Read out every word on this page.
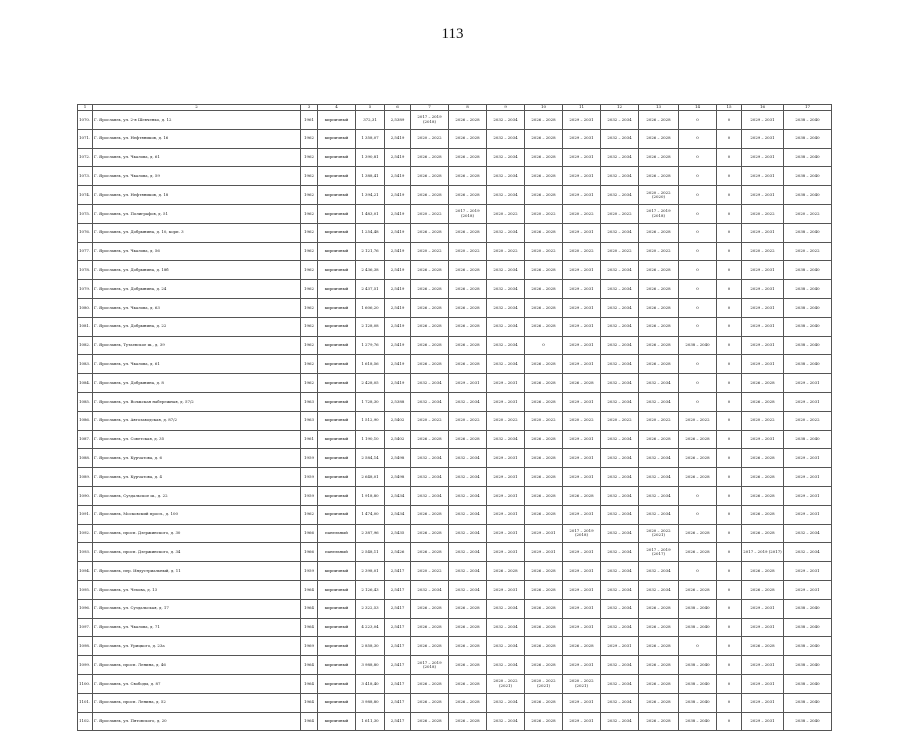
113
1	2	3	4	5	6	7	8	9	10	11	12	13	14	15	16	17
1070.	Г. Ярославль, ул. 2-я Шевченко, д. 12	1961	кирпичный	372,31	2,5389	2017 – 2019 (2018)	2026 – 2028	2032 – 2034	2026 – 2028	2029 – 2031	2032 – 2034	2026 – 2028	0	0	2029 – 2031	2038 – 2040
1071.	Г. Ярославль, ул. Нефтяников, д. 16	1962	кирпичный	1 358,07	2,5419	2020 – 2022	2026 – 2028	2032 – 2034	2026 – 2028	2029 – 2031	2032 – 2034	2026 – 2028	0	0	2029 – 2031	2038 – 2040
1072.	Г. Ярославль, ул. Чкалова, д. 61	1962	кирпичный	1 390,81	2,5419	2026 – 2028	2026 – 2028	2032 – 2034	2026 – 2028	2029 – 2031	2032 – 2034	2026 – 2028	0	0	2029 – 2031	2038 – 2040
1073.	Г. Ярославль, ул. Чкалова, д. 59	1962	кирпичный	1 388,41	2,5419	2026 – 2028	2026 – 2028	2032 – 2034	2026 – 2028	2029 – 2031	2032 – 2034	2026 – 2028	0	0	2029 – 2031	2038 – 2040
1074.	Г. Ярославль, ул. Нефтяников, д. 18	1962	кирпичный	1 394,21	2,5419	2026 – 2028	2026 – 2028	2032 – 2034	2026 – 2028	2029 – 2031	2032 – 2034	2020 – 2022 (2020)	0	0	2029 – 2031	2038 – 2040
1075.	Г. Ярославль, ул. Полиграфов, д. 51	1962	кирпичный	1 483,01	2,5419	2020 – 2022	2017 – 2019 (2018)	2020 – 2022	2020 – 2022	2020 – 2022	2020 – 2022	2017 – 2019 (2018)	0	0	2020 – 2022	2020 – 2022
1076.	Г. Ярославль, ул. Добрынина, д. 10, корп. 3	1962	кирпичный	1 254,48	2,5419	2026 – 2028	2026 – 2028	2032 – 2034	2026 – 2028	2029 – 2031	2032 – 2034	2026 – 2028	0	0	2029 – 2031	2038 – 2040
1077.	Г. Ярославль, ул. Чкалова, д. 56	1962	кирпичный	2 121,76	2,5419	2020 – 2022	2020 – 2022	2020 – 2022	2020 – 2022	2020 – 2022	2020 – 2022	2020 – 2022	0	0	2020 – 2022	2020 – 2022
1078.	Г. Ярославль, ул. Добрынина, д. 18б	1962	кирпичный	2 436,38	2,5419	2026 – 2028	2026 – 2028	2032 – 2034	2026 – 2028	2029 – 2031	2032 – 2034	2026 – 2028	0	0	2029 – 2031	2038 – 2040
1079.	Г. Ярославль, ул. Добрынина, д. 24	1962	кирпичный	2 437,51	2,5419	2026 – 2028	2026 – 2028	2032 – 2034	2026 – 2028	2029 – 2031	2032 – 2034	2026 – 2028	0	0	2029 – 2031	2038 – 2040
1080.	Г. Ярославль, ул. Чкалова, д. 63	1962	кирпичный	1 606,20	2,5419	2026 – 2028	2026 – 2028	2032 – 2034	2026 – 2028	2029 – 2031	2032 – 2034	2026 – 2028	0	0	2029 – 2031	2038 – 2040
1081.	Г. Ярославль, ул. Добрынина, д. 22	1962	кирпичный	2 128,08	2,5419	2026 – 2028	2026 – 2028	2032 – 2034	2026 – 2028	2029 – 2031	2032 – 2034	2026 – 2028	0	0	2029 – 2031	2038 – 2040
1082.	Г. Ярославль, Тутаевское ш., д. 39	1962	кирпичный	1 279,76	2,5419	2026 – 2028	2026 – 2028	2032 – 2034	0	2029 – 2031	2032 – 2034	2026 – 2028	2038 – 2040	0	2029 – 2031	2038 – 2040
1083.	Г. Ярославль, ул. Чкалова, д. 61	1962	кирпичный	1 618,56	2,5419	2026 – 2028	2026 – 2028	2032 – 2034	2026 – 2028	2029 – 2031	2032 – 2034	2026 – 2028	0	0	2029 – 2031	2038 – 2040
1084.	Г. Ярославль, ул. Добрынина, д. 8	1962	кирпичный	2 428,05	2,5419	2032 – 2034	2029 – 2031	2029 – 2031	2026 – 2028	2026 – 2028	2032 – 2034	2032 – 2034	0	0	2026 – 2028	2029 – 2031
1085.	Г. Ярославль, ул. Волжская набережная, д. 57/2	1963	кирпичный	1 728,30	2,5388	2032 – 2034	2032 – 2034	2029 – 2031	2026 – 2028	2029 – 2031	2032 – 2034	2032 – 2034	0	0	2026 – 2028	2029 – 2031
1086.	Г. Ярославль, ул. Автозаводская, д. 87/2	1963	кирпичный	1 512,90	2,5402	2020 – 2022	2020 – 2022	2020 – 2022	2020 – 2022	2020 – 2022	2020 – 2022	2020 – 2022	2020 – 2022	0	2020 – 2022	2020 – 2022
1087.	Г. Ярославль, ул. Советская, д. 35	1961	кирпичный	1 190,10	2,5402	2026 – 2028	2026 – 2028	2032 – 2034	2026 – 2028	2029 – 2031	2032 – 2034	2026 – 2028	2026 – 2028	0	2029 – 2031	2038 – 2040
1088.	Г. Ярославль, ул. Курчатова, д. 6	1959	кирпичный	2 584,14	2,5498	2032 – 2034	2032 – 2034	2029 – 2031	2026 – 2028	2029 – 2031	2032 – 2034	2032 – 2034	2026 – 2028	0	2026 – 2028	2029 – 2031
1089.	Г. Ярославль, ул. Курчатова, д. 4	1959	кирпичный	2 648,01	2,5498	2032 – 2034	2032 – 2034	2029 – 2031	2026 – 2028	2029 – 2031	2032 – 2034	2032 – 2034	2026 – 2028	0	2026 – 2028	2029 – 2031
1090.	Г. Ярославль, Суздальское ш., д. 22	1959	кирпичный	1 918,80	2,5434	2032 – 2034	2032 – 2034	2029 – 2031	2026 – 2028	2026 – 2028	2032 – 2034	2032 – 2034	0	0	2026 – 2028	2029 – 2031
1091.	Г. Ярославль, Московский просп., д. 100	1962	кирпичный	1 474,00	2,5434	2026 – 2028	2032 – 2034	2029 – 2031	2026 – 2028	2029 – 2031	2032 – 2034	2032 – 2034	0	0	2026 – 2028	2029 – 2031
1092.	Г. Ярославль, просп. Дзержинского, д. 30	1966	панельный	2 387,96	2,5435	2026 – 2028	2032 – 2034	2029 – 2031	2029 – 2031	2017 – 2019 (2018)	2032 – 2034	2020 – 2022 (2021)	2026 – 2028	0	2026 – 2028	2032 – 2034
1093.	Г. Ярославль, просп. Дзержинского, д. 34	1966	панельный	2 548,11	2,5426	2026 – 2028	2032 – 2034	2029 – 2031	2029 – 2031	2029 – 2031	2032 – 2034	2017 – 2019 (2017)	2026 – 2028	0	2017 – 2019 (2017)	2032 – 2034
1094.	Г. Ярославль, пер. Индустриальный, д. 11	1959	кирпичный	2 398,01	2,5417	2020 – 2022	2032 – 2034	2026 – 2028	2026 – 2028	2029 – 2031	2032 – 2034	2032 – 2034	0	0	2026 – 2028	2029 – 2031
1095.	Г. Ярославль, ул. Чехова, д. 13	1964	кирпичный	2 126,43	2,5417	2032 – 2034	2032 – 2034	2029 – 2031	2026 – 2028	2029 – 2031	2032 – 2034	2032 – 2034	2026 – 2028	0	2026 – 2028	2029 – 2031
1096.	Г. Ярославль, ул. Суздальская, д. 17	1964	кирпичный	2 322,53	2,5417	2026 – 2028	2026 – 2028	2032 – 2034	2026 – 2028	2029 – 2031	2032 – 2034	2026 – 2028	2038 – 2040	0	2029 – 2031	2038 – 2040
1097.	Г. Ярославль, ул. Чкалова, д. 71	1964	кирпичный	4 223,04	2,5417	2026 – 2028	2026 – 2028	2032 – 2034	2026 – 2028	2029 – 2031	2032 – 2034	2026 – 2028	2038 – 2040	0	2029 – 2031	2038 – 2040
1098.	Г. Ярославль, ул. Урицкого, д. 23а	1969	кирпичный	2 858,30	2,5417	2026 – 2028	2026 – 2028	2032 – 2034	2026 – 2028	2026 – 2028	2029 – 2031	2026 – 2028	0	0	2026 – 2028	2038 – 2040
1099.	Г. Ярославль, просп. Ленина, д. 46	1964	кирпичный	3 988,80	2,5417	2017 – 2019 (2018)	2026 – 2028	2032 – 2034	2026 – 2028	2029 – 2031	2032 – 2034	2026 – 2028	2038 – 2040	0	2029 – 2031	2038 – 2040
1100.	Г. Ярославль, ул. Свободы, д. 87	1964	кирпичный	3 418,40	2,5417	2026 – 2028	2026 – 2028	2020 – 2022 (2021)	2020 – 2022 (2021)	2020 – 2022 (2021)	2032 – 2034	2026 – 2028	2038 – 2040	0	2029 – 2031	2038 – 2040
1101.	Г. Ярославль, просп. Ленина, д. 52	1964	кирпичный	3 988,80	2,5417	2026 – 2028	2026 – 2028	2032 – 2034	2026 – 2028	2029 – 2031	2032 – 2034	2026 – 2028	2038 – 2040	0	2029 – 2031	2038 – 2040
1102.	Г. Ярославль, ул. Пятовского, д. 20	1964	кирпичный	1 611,30	2,5417	2026 – 2028	2026 – 2028	2032 – 2034	2026 – 2028	2029 – 2031	2032 – 2034	2026 – 2028	2038 – 2040	0	2029 – 2031	2038 – 2040
